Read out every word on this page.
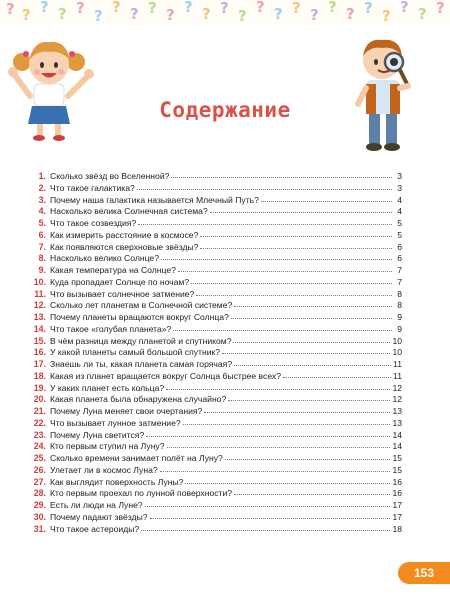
? ? ? ? ? ? ? ? ? ? ? ? ? ? ? ? ? ? ? ? ? ? ? ? ?
Содержание
1. Сколько звёзд во Вселенной?	3
2. Что такое галактика?	3
3. Почему наша галактика называется Млечный Путь?	4
4. Насколько велика Солнечная система?	4
5. Что такое созвездия?	5
6. Как измерить расстояние в космосе?	5
7. Как появляются сверхновые звёзды?	6
8. Насколько велико Солнце?	6
9. Какая температура на Солнце?	7
10. Куда пропадает Солнце по ночам?	7
11. Что вызывает солнечное затмение?	8
12. Сколько лет планетам в Солнечной системе?	8
13. Почему планеты вращаются вокруг Солнца?	9
14. Что такое «голубая планета»?	9
15. В чём разница между планетой и спутником?	10
16. У какой планеты самый большой спутник?	10
17. Знаешь ли ты, какая планета самая горячая?	11
18. Какая из планет вращается вокруг Солнца быстрее всех?	11
19. У каких планет есть кольца?	12
20. Какая планета была обнаружена случайно?	12
21. Почему Луна меняет свои очертания?	13
22. Что вызывает лунное затмение?	13
23. Почему Луна светится?	14
24. Кто первым ступил на Луну?	14
25. Сколько времени занимает полёт на Луну?	15
26. Улетает ли в космос Луна?	15
27. Как выглядит поверхность Луны?	16
28. Кто первым проехал по лунной поверхности?	16
29. Есть ли люди на Луне?	17
30. Почему падают звёзды?	17
31. Что такое астероиды?	18
153
